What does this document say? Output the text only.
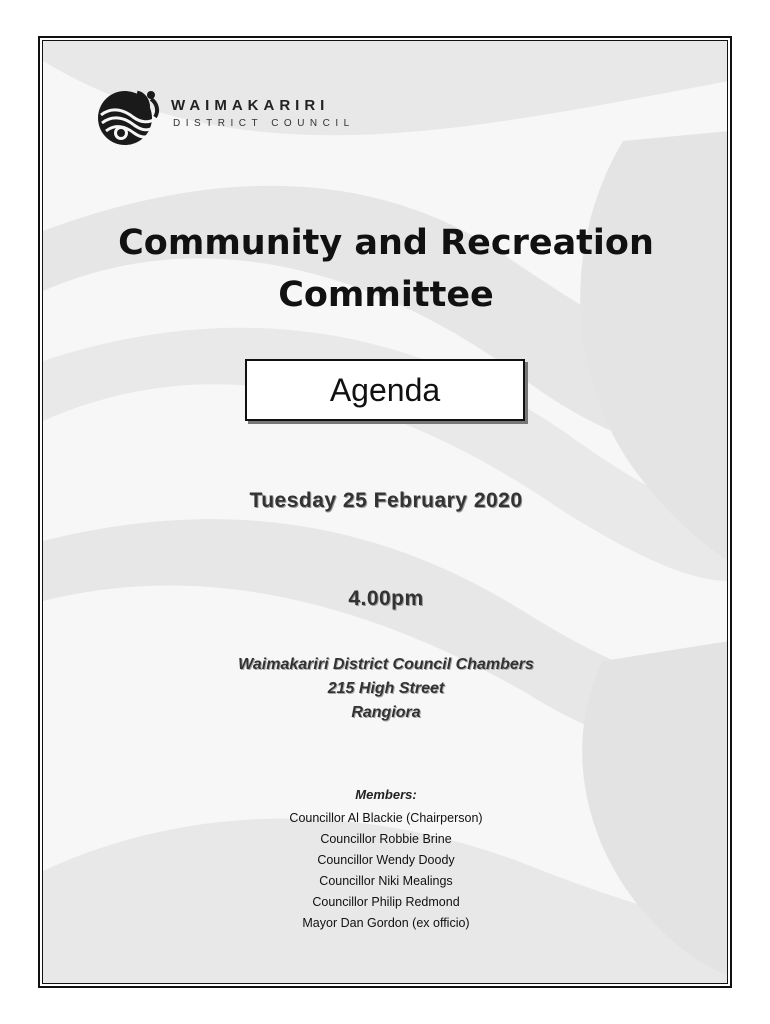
WAIMAKARIRI
DISTRICT COUNCIL
Community and Recreation
Committee
Agenda
Tuesday 25 February 2020
4.00pm
Waimakariri District Council Chambers
215 High Street
Rangiora
Members:
Councillor Al Blackie (Chairperson)
Councillor Robbie Brine
Councillor Wendy Doody
Councillor Niki Mealings
Councillor Philip Redmond
Mayor Dan Gordon (ex officio)
